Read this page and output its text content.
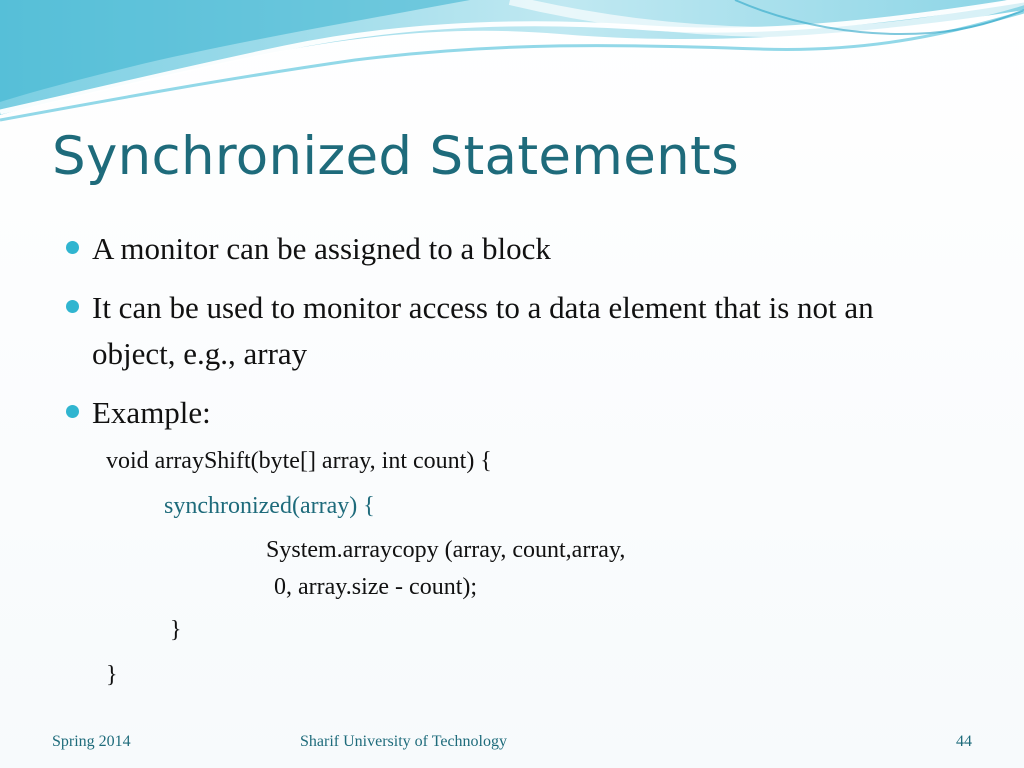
Synchronized Statements
A monitor can be assigned to a block
It can be used to monitor access to a data element that is not an object, e.g., array
Example:
void arrayShift(byte[] array, int count) {
synchronized(array) {
System.arraycopy (array, count,array,
0, array.size - count);
}
}
Spring 2014	Sharif University of Technology	44
